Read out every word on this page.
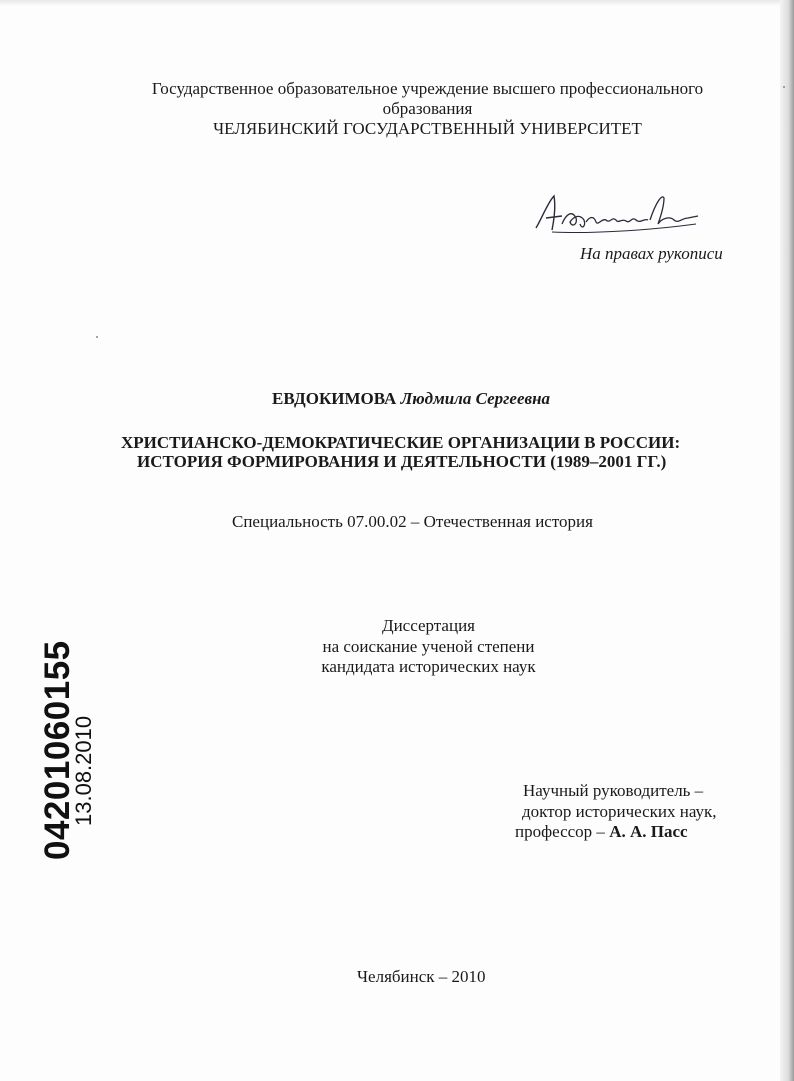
Государственное образовательное учреждение высшего профессионального
образования
ЧЕЛЯБИНСКИЙ ГОСУДАРСТВЕННЫЙ УНИВЕРСИТЕТ
На правах рукописи
ЕВДОКИМОВА Людмила Сергеевна
ХРИСТИАНСКО-ДЕМОКРАТИЧЕСКИЕ ОРГАНИЗАЦИИ В РОССИИ:
ИСТОРИЯ ФОРМИРОВАНИЯ И ДЕЯТЕЛЬНОСТИ (1989–2001 ГГ.)
Специальность 07.00.02 – Отечественная история
Диссертация
на соискание ученой степени
кандидата исторических наук
Научный руководитель –
доктор исторических наук,
профессор – А. А. Пасс
Челябинск – 2010
04201060155
13.08.2010
